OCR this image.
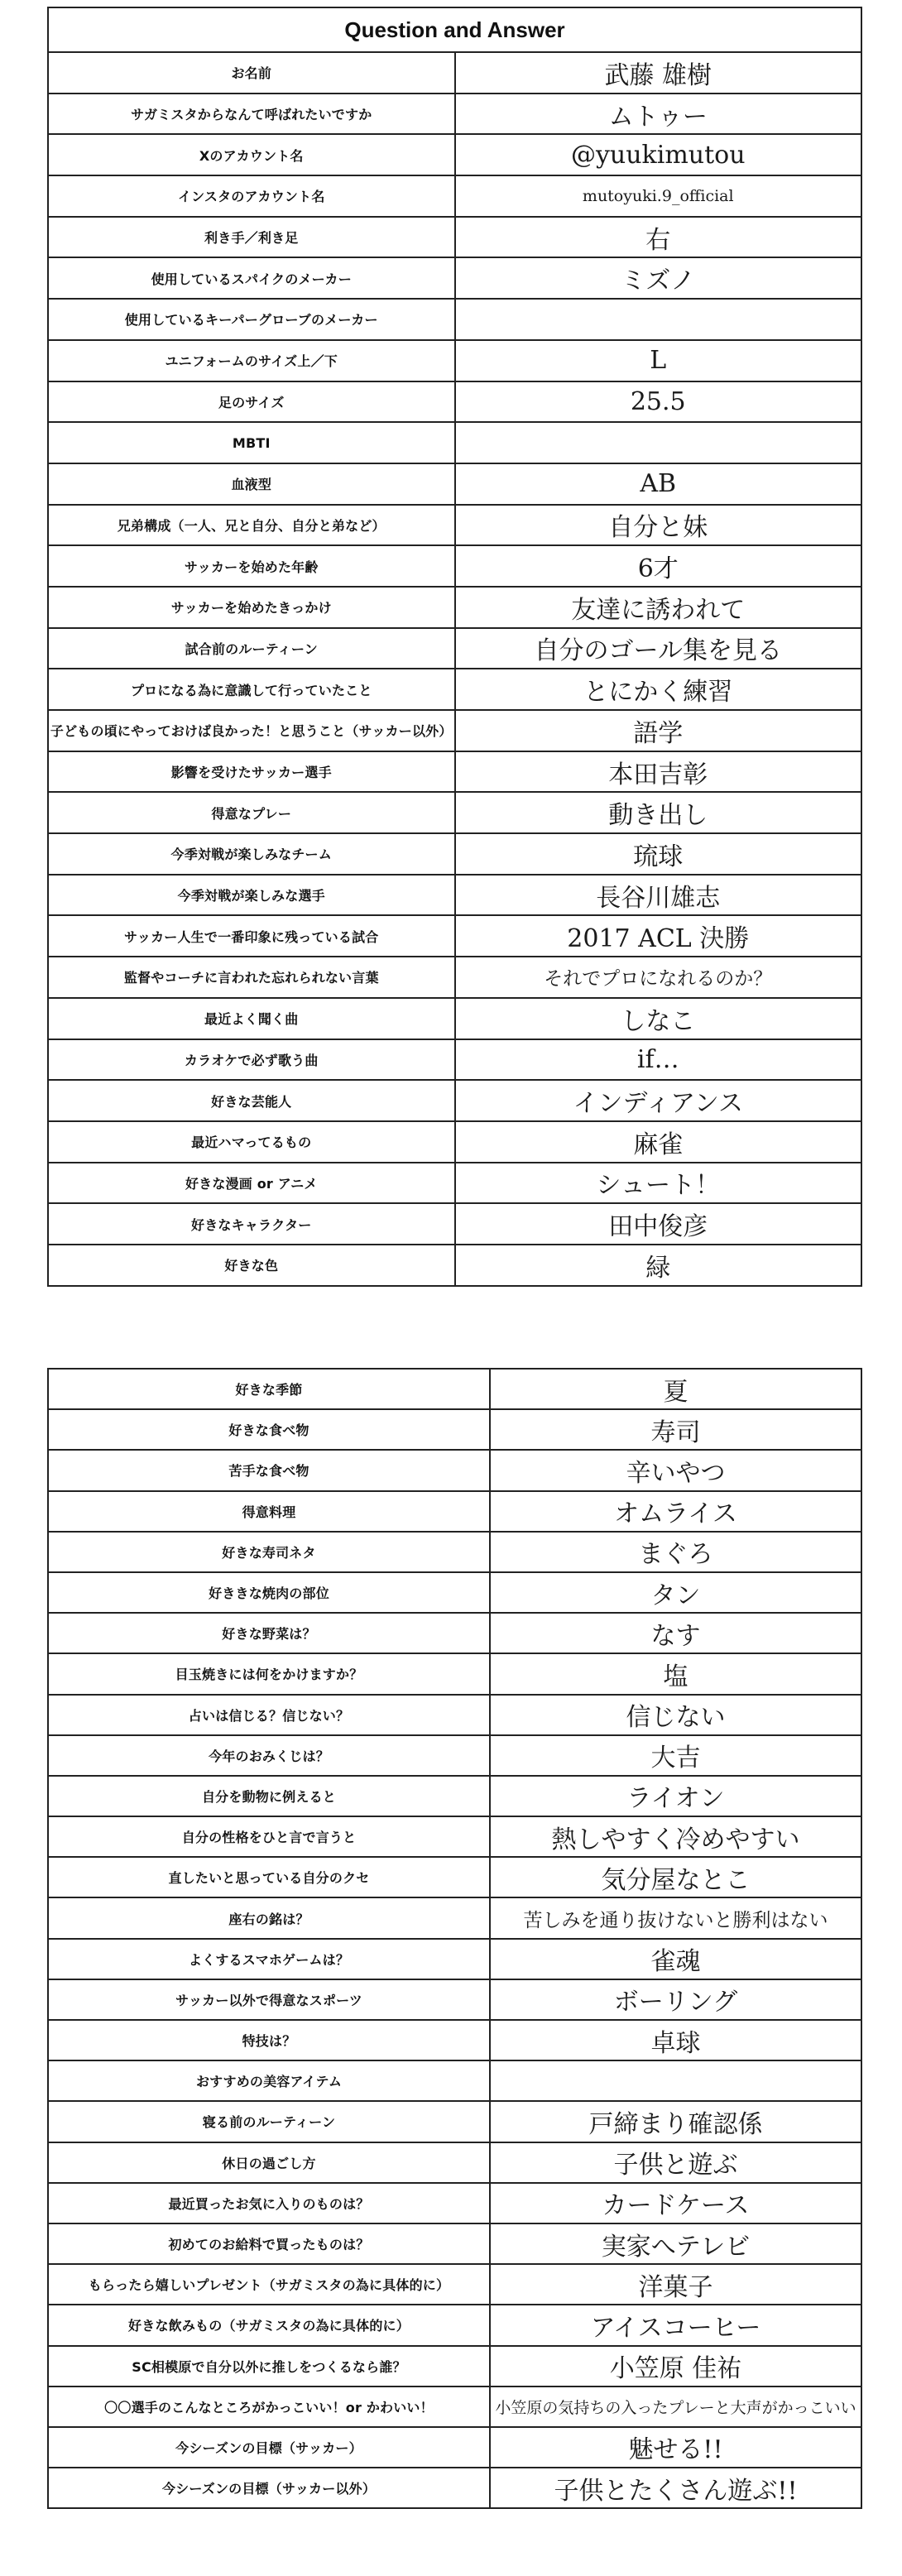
Question and Answer	
お名前	武藤 雄樹
サガミスタからなんて呼ばれたいですか	ムトゥー
Xのアカウント名	@yuukimutou
インスタのアカウント名	mutoyuki.9_official
利き手／利き足	右
使用しているスパイクのメーカー	ミズノ
使用しているキーパーグローブのメーカー	
ユニフォームのサイズ上／下	L
足のサイズ	25.5
MBTI	
血液型	AB
兄弟構成（一人、兄と自分、自分と弟など）	自分と妹
サッカーを始めた年齢	6才
サッカーを始めたきっかけ	友達に誘われて
試合前のルーティーン	自分のゴール集を見る
プロになる為に意識して行っていたこと	とにかく練習
子どもの頃にやっておけば良かった！と思うこと（サッカー以外）	語学
影響を受けたサッカー選手	本田吉彰
得意なプレー	動き出し
今季対戦が楽しみなチーム	琉球
今季対戦が楽しみな選手	長谷川雄志
サッカー人生で一番印象に残っている試合	2017 ACL 決勝
監督やコーチに言われた忘れられない言葉	それでプロになれるのか？
最近よく聞く曲	しなこ
カラオケで必ず歌う曲	if…
好きな芸能人	インディアンス
最近ハマってるもの	麻雀
好きな漫画 or アニメ	シュート！
好きなキャラクター	田中俊彦
好きな色	緑
好きな季節	夏
好きな食べ物	寿司
苦手な食べ物	辛いやつ
得意料理	オムライス
好きな寿司ネタ	まぐろ
好ききな焼肉の部位	タン
好きな野菜は？	なす
目玉焼きには何をかけますか？	塩
占いは信じる？信じない？	信じない
今年のおみくじは？	大吉
自分を動物に例えると	ライオン
自分の性格をひと言で言うと	熱しやすく冷めやすい
直したいと思っている自分のクセ	気分屋なとこ
座右の銘は？	苦しみを通り抜けないと勝利はない
よくするスマホゲームは？	雀魂
サッカー以外で得意なスポーツ	ボーリング
特技は？	卓球
おすすめの美容アイテム	
寝る前のルーティーン	戸締まり確認係
休日の過ごし方	子供と遊ぶ
最近買ったお気に入りのものは？	カードケース
初めてのお給料で買ったものは？	実家へテレビ
もらったら嬉しいプレゼント（サガミスタの為に具体的に）	洋菓子
好きな飲みもの（サガミスタの為に具体的に）	アイスコーヒー
SC相模原で自分以外に推しをつくるなら誰？	小笠原 佳祐
〇〇選手のこんなところがかっこいい！or かわいい！	小笠原の気持ちの入ったプレーと大声がかっこいい
今シーズンの目標（サッカー）	魅せる!!
今シーズンの目標（サッカー以外）	子供とたくさん遊ぶ!!
